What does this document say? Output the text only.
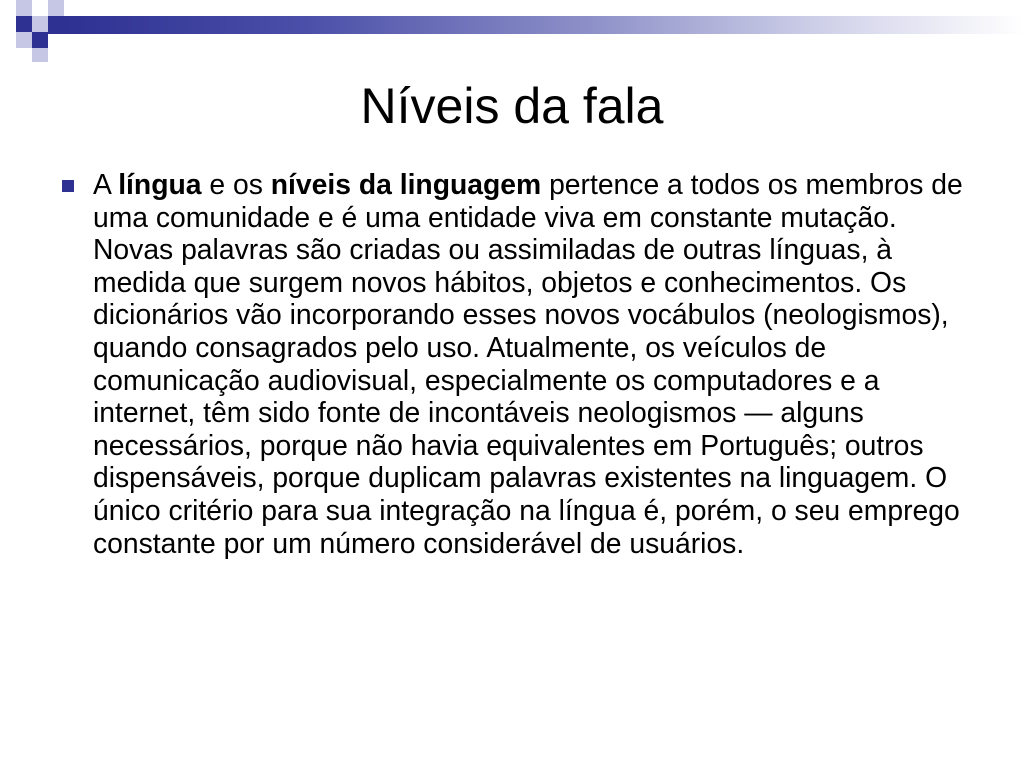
Níveis da fala

A língua e os níveis da linguagem pertence a todos os membros de uma comunidade e é uma entidade viva em constante mutação. Novas palavras são criadas ou assimiladas de outras línguas, à medida que surgem novos hábitos, objetos e conhecimentos. Os dicionários vão incorporando esses novos vocábulos (neologismos), quando consagrados pelo uso. Atualmente, os veículos de comunicação audiovisual, especialmente os computadores e a internet, têm sido fonte de incontáveis neologismos — alguns necessários, porque não havia equivalentes em Português; outros dispensáveis, porque duplicam palavras existentes na linguagem. O único critério para sua integração na língua é, porém, o seu emprego constante por um número considerável de usuários.
